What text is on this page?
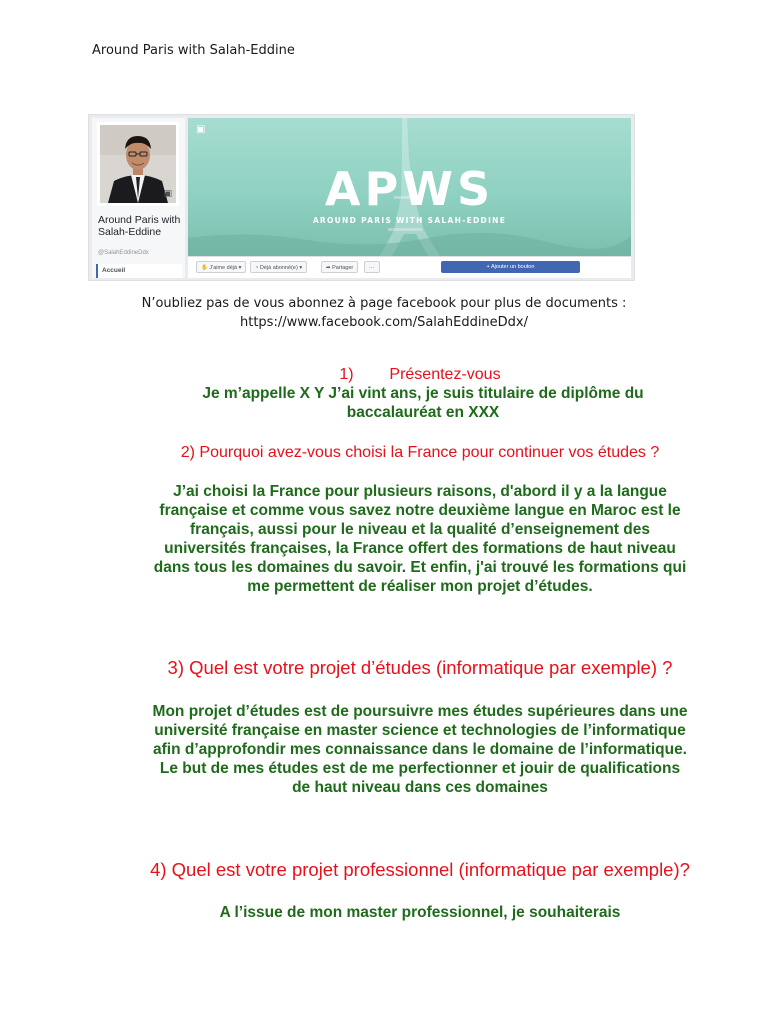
Around Paris with Salah-Eddine
▣
Around Paris with Salah-Eddine
@SalahEddineDdx
Accueil
▣
APWS
AROUND PARIS WITH SALAH-EDDINE
✋ J'aime déjà ▾	◔ Déjà abonné(e) ▾	➦ Partager	···	+ Ajouter un bouton
N’oubliez pas de vous abonnez à page facebook pour plus de documents :
https://www.facebook.com/SalahEddineDdx/
1) Présentez-vous
Je m’appelle X Y J’ai vint ans, je suis titulaire de diplôme du baccalauréat en XXX
2) Pourquoi avez-vous choisi la France pour continuer vos études ?
J’ai choisi la France pour plusieurs raisons, d'abord il y a la langue française et comme vous savez notre deuxième langue en Maroc est le français, aussi pour le niveau et la qualité d’enseignement des universités françaises, la France offert des formations de haut niveau dans tous les domaines du savoir. Et enfin, j'ai trouvé les formations qui me permettent de réaliser mon projet d’études.
3) Quel est votre projet d’études (informatique par exemple) ?
Mon projet d’études est de poursuivre mes études supérieures dans une université française en master science et technologies de l’informatique afin d’approfondir mes connaissance dans le domaine de l’informatique. Le but de mes études est de me perfectionner et jouir de qualifications de haut niveau dans ces domaines
4) Quel est votre projet professionnel (informatique par exemple)?
A l’issue de mon master professionnel, je souhaiterais
